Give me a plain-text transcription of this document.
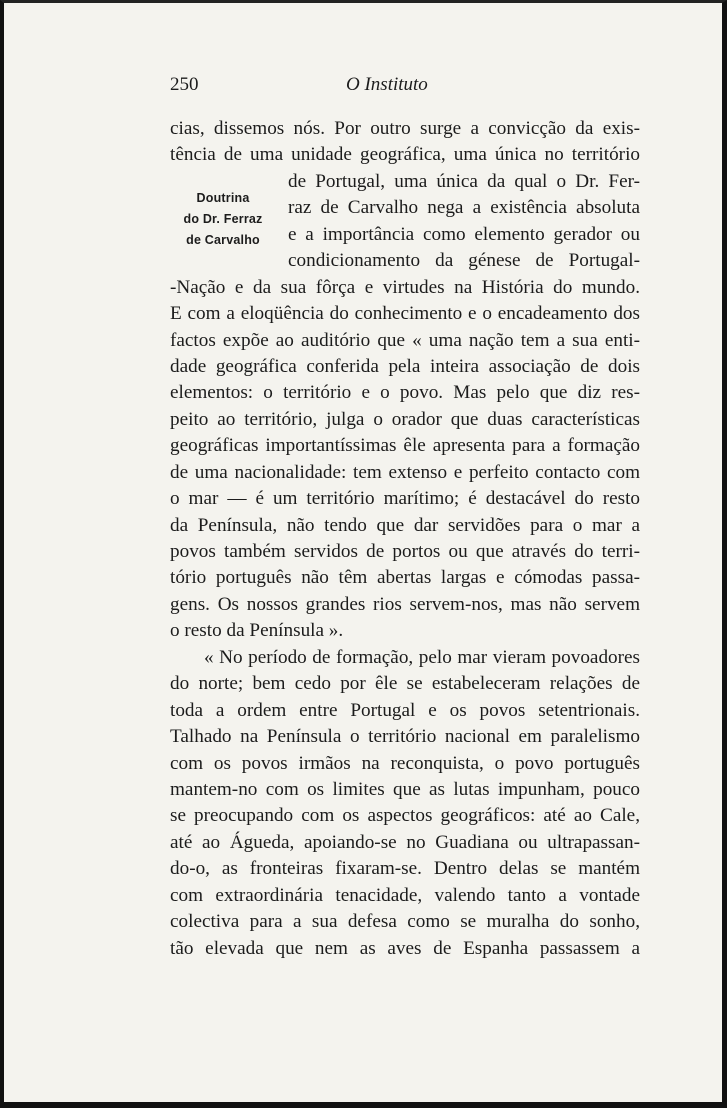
250	O Instituto
Doutrina
do Dr. Ferraz
de Carvalho
cias, dissemos nós. Por outro surge a convicção da exis-
tência de uma unidade geográfica, uma única no território
de Portugal, uma única da qual o Dr. Fer-
raz de Carvalho nega a existência absoluta
e a importância como elemento gerador ou
condicionamento da génese de Portugal-
-Nação e da sua fôrça e virtudes na História do mundo.
E com a eloqüência do conhecimento e o encadeamento dos
factos expõe ao auditório que « uma nação tem a sua enti-
dade geográfica conferida pela inteira associação de dois
elementos: o território e o povo. Mas pelo que diz res-
peito ao território, julga o orador que duas características
geográficas importantíssimas êle apresenta para a formação
de uma nacionalidade: tem extenso e perfeito contacto com
o mar — é um território marítimo; é destacável do resto
da Península, não tendo que dar servidões para o mar a
povos também servidos de portos ou que através do terri-
tório português não têm abertas largas e cómodas passa-
gens. Os nossos grandes rios servem-nos, mas não servem
o resto da Península ».
« No período de formação, pelo mar vieram povoadores
do norte; bem cedo por êle se estabeleceram relações de
toda a ordem entre Portugal e os povos setentrionais.
Talhado na Península o território nacional em paralelismo
com os povos irmãos na reconquista, o povo português
mantem-no com os limites que as lutas impunham, pouco
se preocupando com os aspectos geográficos: até ao Cale,
até ao Águeda, apoiando-se no Guadiana ou ultrapassan-
do-o, as fronteiras fixaram-se. Dentro delas se mantém
com extraordinária tenacidade, valendo tanto a vontade
colectiva para a sua defesa como se muralha do sonho,
tão elevada que nem as aves de Espanha passassem a
